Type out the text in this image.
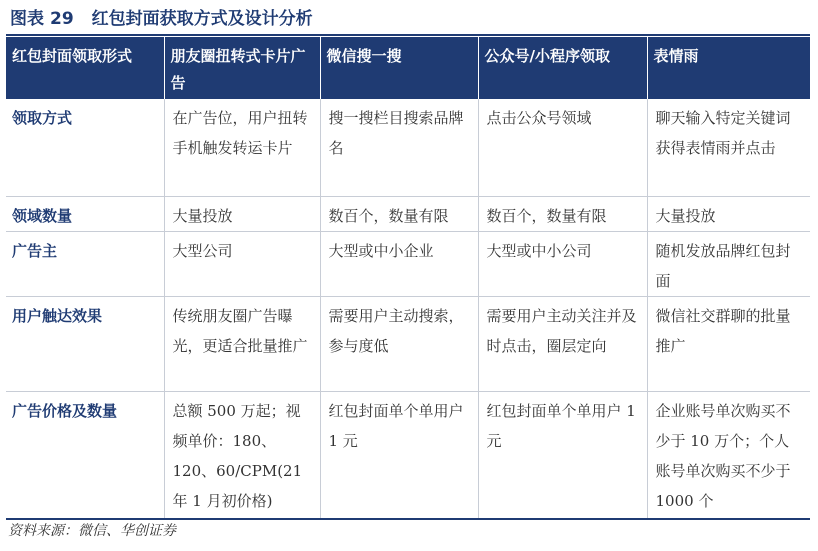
图表 29 红包封面获取方式及设计分析
红包封面领取形式	朋友圈扭转式卡片广告	微信搜一搜	公众号/小程序领取	表情雨
领取方式	在广告位，用户扭转手机触发转运卡片	搜一搜栏目搜索品牌名	点击公众号领域	聊天输入特定关键词获得表情雨并点击
领域数量	大量投放	数百个，数量有限	数百个，数量有限	大量投放
广告主	大型公司	大型或中小企业	大型或中小公司	随机发放品牌红包封面
用户触达效果	传统朋友圈广告曝光，更适合批量推广	需要用户主动搜索，参与度低	需要用户主动关注并及时点击，圈层定向	微信社交群聊的批量推广
广告价格及数量	总额 500 万起；视频单价：180、120、60/CPM(21 年 1 月初价格)	红包封面单个单用户 1 元	红包封面单个单用户 1 元	企业账号单次购买不少于 10 万个；个人账号单次购买不少于 1000 个
资料来源：微信、华创证券
